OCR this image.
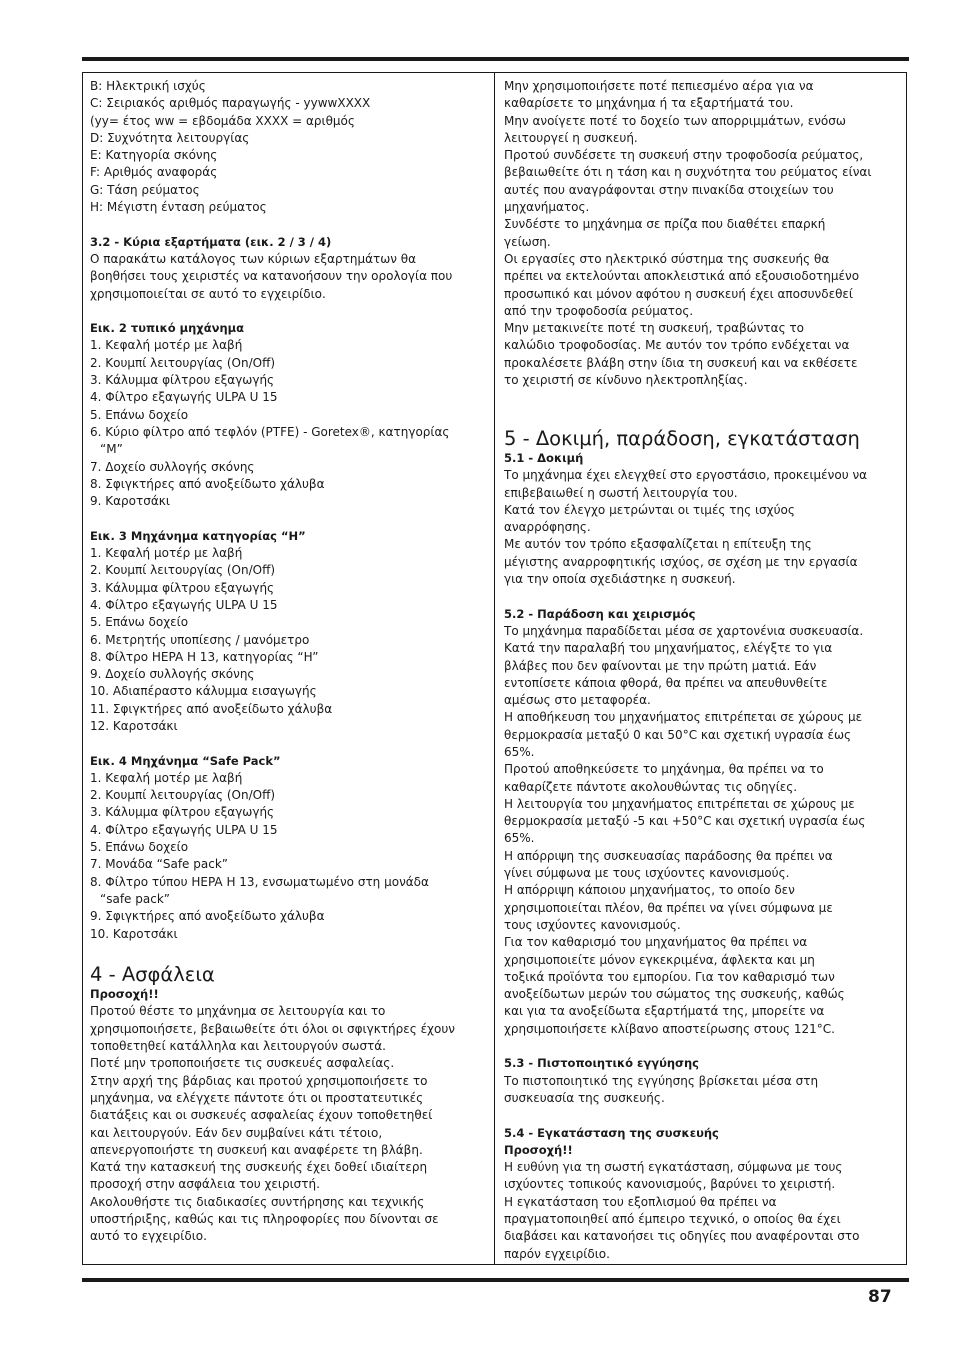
B: Ηλεκτρική ισχύς
C: Σειριακός αριθμός παραγωγής - yywwXXXX
(yy= έτος ww = εβδομάδα XXXX = αριθμός
D: Συχνότητα λειτουργίας
E: Κατηγορία σκόνης
F: Αριθμός αναφοράς
G: Τάση ρεύματος
H: Μέγιστη ένταση ρεύματος
3.2 - Κύρια εξαρτήματα (εικ. 2 / 3 / 4)
Ο παρακάτω κατάλογος των κύριων εξαρτημάτων θα
βοηθήσει τους χειριστές να κατανοήσουν την ορολογία που
χρησιμοποιείται σε αυτό το εγχειρίδιο.
Εικ. 2 τυπικό μηχάνημα
1. Κεφαλή μοτέρ με λαβή
2. Κουμπί λειτουργίας (On/Off)
3. Κάλυμμα φίλτρου εξαγωγής
4. Φίλτρο εξαγωγής ULPA U 15
5. Επάνω δοχείο
6. Κύριο φίλτρο από τεφλόν (PTFE) - Goretex®, κατηγορίας
“M”
7. Δοχείο συλλογής σκόνης
8. Σφιγκτήρες από ανοξείδωτο χάλυβα
9. Καροτσάκι
Εικ. 3 Μηχάνημα κατηγορίας “H”
1. Κεφαλή μοτέρ με λαβή
2. Κουμπί λειτουργίας (On/Off)
3. Κάλυμμα φίλτρου εξαγωγής
4. Φίλτρο εξαγωγής ULPA U 15
5. Επάνω δοχείο
6. Μετρητής υποπίεσης / μανόμετρο
8. Φίλτρο HEPA H 13, κατηγορίας “H”
9. Δοχείο συλλογής σκόνης
10. Αδιαπέραστο κάλυμμα εισαγωγής
11. Σφιγκτήρες από ανοξείδωτο χάλυβα
12. Καροτσάκι
Εικ. 4 Μηχάνημα “Safe Pack”
1. Κεφαλή μοτέρ με λαβή
2. Κουμπί λειτουργίας (On/Off)
3. Κάλυμμα φίλτρου εξαγωγής
4. Φίλτρο εξαγωγής ULPA U 15
5. Επάνω δοχείο
7. Μονάδα “Safe pack”
8. Φίλτρο τύπου HEPA H 13, ενσωματωμένο στη μονάδα
“safe pack”
9. Σφιγκτήρες από ανοξείδωτο χάλυβα
10. Καροτσάκι
4 - Ασφάλεια
Προσοχή!!
Προτού θέστε το μηχάνημα σε λειτουργία και το
χρησιμοποιήσετε, βεβαιωθείτε ότι όλοι οι σφιγκτήρες έχουν
τοποθετηθεί κατάλληλα και λειτουργούν σωστά.
Ποτέ μην τροποποιήσετε τις συσκευές ασφαλείας.
Στην αρχή της βάρδιας και προτού χρησιμοποιήσετε το
μηχάνημα, να ελέγχετε πάντοτε ότι οι προστατευτικές
διατάξεις και οι συσκευές ασφαλείας έχουν τοποθετηθεί
και λειτουργούν. Εάν δεν συμβαίνει κάτι τέτοιο,
απενεργοποιήστε τη συσκευή και αναφέρετε τη βλάβη.
Κατά την κατασκευή της συσκευής έχει δοθεί ιδιαίτερη
προσοχή στην ασφάλεια του χειριστή.
Ακολουθήστε τις διαδικασίες συντήρησης και τεχνικής
υποστήριξης, καθώς και τις πληροφορίες που δίνονται σε
αυτό το εγχειρίδιο.
Μην χρησιμοποιήσετε ποτέ πεπιεσμένο αέρα για να
καθαρίσετε το μηχάνημα ή τα εξαρτήματά του.
Μην ανοίγετε ποτέ το δοχείο των απορριμμάτων, ενόσω
λειτουργεί η συσκευή.
Προτού συνδέσετε τη συσκευή στην τροφοδοσία ρεύματος,
βεβαιωθείτε ότι η τάση και η συχνότητα του ρεύματος είναι
αυτές που αναγράφονται στην πινακίδα στοιχείων του
μηχανήματος.
Συνδέστε το μηχάνημα σε πρίζα που διαθέτει επαρκή
γείωση.
Οι εργασίες στο ηλεκτρικό σύστημα της συσκευής θα
πρέπει να εκτελούνται αποκλειστικά από εξουσιοδοτημένο
προσωπικό και μόνον αφότου η συσκευή έχει αποσυνδεθεί
από την τροφοδοσία ρεύματος.
Μην μετακινείτε ποτέ τη συσκευή, τραβώντας το
καλώδιο τροφοδοσίας. Με αυτόν τον τρόπο ενδέχεται να
προκαλέσετε βλάβη στην ίδια τη συσκευή και να εκθέσετε
το χειριστή σε κίνδυνο ηλεκτροπληξίας.
5 - Δοκιμή, παράδοση, εγκατάσταση
5.1 - Δοκιμή
Το μηχάνημα έχει ελεγχθεί στο εργοστάσιο, προκειμένου να
επιβεβαιωθεί η σωστή λειτουργία του.
Κατά τον έλεγχο μετρώνται οι τιμές της ισχύος
αναρρόφησης.
Με αυτόν τον τρόπο εξασφαλίζεται η επίτευξη της
μέγιστης αναρροφητικής ισχύος, σε σχέση με την εργασία
για την οποία σχεδιάστηκε η συσκευή.
5.2 - Παράδοση και χειρισμός
Το μηχάνημα παραδίδεται μέσα σε χαρτονένια συσκευασία.
Κατά την παραλαβή του μηχανήματος, ελέγξτε το για
βλάβες που δεν φαίνονται με την πρώτη ματιά. Εάν
εντοπίσετε κάποια φθορά, θα πρέπει να απευθυνθείτε
αμέσως στο μεταφορέα.
Η αποθήκευση του μηχανήματος επιτρέπεται σε χώρους με
θερμοκρασία μεταξύ 0 και 50°C και σχετική υγρασία έως
65%.
Προτού αποθηκεύσετε το μηχάνημα, θα πρέπει να το
καθαρίζετε πάντοτε ακολουθώντας τις οδηγίες.
Η λειτουργία του μηχανήματος επιτρέπεται σε χώρους με
θερμοκρασία μεταξύ -5 και +50°C και σχετική υγρασία έως
65%.
Η απόρριψη της συσκευασίας παράδοσης θα πρέπει να
γίνει σύμφωνα με τους ισχύοντες κανονισμούς.
Η απόρριψη κάποιου μηχανήματος, το οποίο δεν
χρησιμοποιείται πλέον, θα πρέπει να γίνει σύμφωνα με
τους ισχύοντες κανονισμούς.
Για τον καθαρισμό του μηχανήματος θα πρέπει να
χρησιμοποιείτε μόνον εγκεκριμένα, άφλεκτα και μη
τοξικά προϊόντα του εμπορίου. Για τον καθαρισμό των
ανοξείδωτων μερών του σώματος της συσκευής, καθώς
και για τα ανοξείδωτα εξαρτήματά της, μπορείτε να
χρησιμοποιήσετε κλίβανο αποστείρωσης στους 121°C.
5.3 - Πιστοποιητικό εγγύησης
Το πιστοποιητικό της εγγύησης βρίσκεται μέσα στη
συσκευασία της συσκευής.
5.4 - Εγκατάσταση της συσκευής
Προσοχή!!
Η ευθύνη για τη σωστή εγκατάσταση, σύμφωνα με τους
ισχύοντες τοπικούς κανονισμούς, βαρύνει το χειριστή.
Η εγκατάσταση του εξοπλισμού θα πρέπει να
πραγματοποιηθεί από έμπειρο τεχνικό, ο οποίος θα έχει
διαβάσει και κατανοήσει τις οδηγίες που αναφέρονται στο
παρόν εγχειρίδιο.
87
